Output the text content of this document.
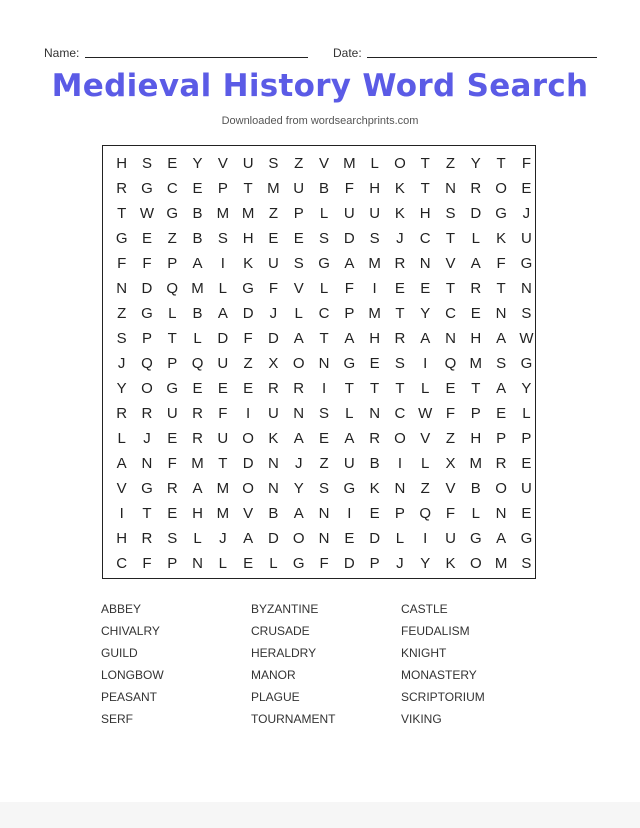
Name:	Date:
Medieval History Word Search
Downloaded from wordsearchprints.com
H S	E	Y	V U S	Z	V M L	O T	Z	Y	T	F
R G C E	P	T M U B	F	H K	T	N R O E
T W G B M M Z	P	L	U U K H S D G	J
G E	Z	B	S H E	E	S D S	J	C	T	L	K U
F	F	P	A	I	K U S G A M R N V	A	F G
N D Q M L	G F	V	L	F	I	E	E	T	R	T	N
Z G	L	B	A D	J	L	C P M T	Y C E N S
S	P	T	L	D	F	D A	T	A H R A N H A W
J	Q P Q U	Z	X O N G E	S	I	Q M S G
Y O G E	E	E R R	I	T	T	T	L	E	T	A	Y
R R U R	F	I	U N S	L	N C W F	P	E	L
L	J	E R U O K	A	E	A R O V	Z	H P	P
A N	F M T	D N	J	Z	U B	I	L	X M R E
V G R A M O N Y	S G K N	Z	V	B O U
I	T	E H M V	B	A N	I	E	P Q F	L	N E
H R S	L	J	A D O N E D	L	I	U G A G
C	F	P N	L	E	L	G F	D P	J	Y	K O M S
ABBEY
CHIVALRY
GUILD
LONGBOW
PEASANT
SERF
BYZANTINE
CRUSADE
HERALDRY
MANOR
PLAGUE
TOURNAMENT
CASTLE
FEUDALISM
KNIGHT
MONASTERY
SCRIPTORIUM
VIKING
